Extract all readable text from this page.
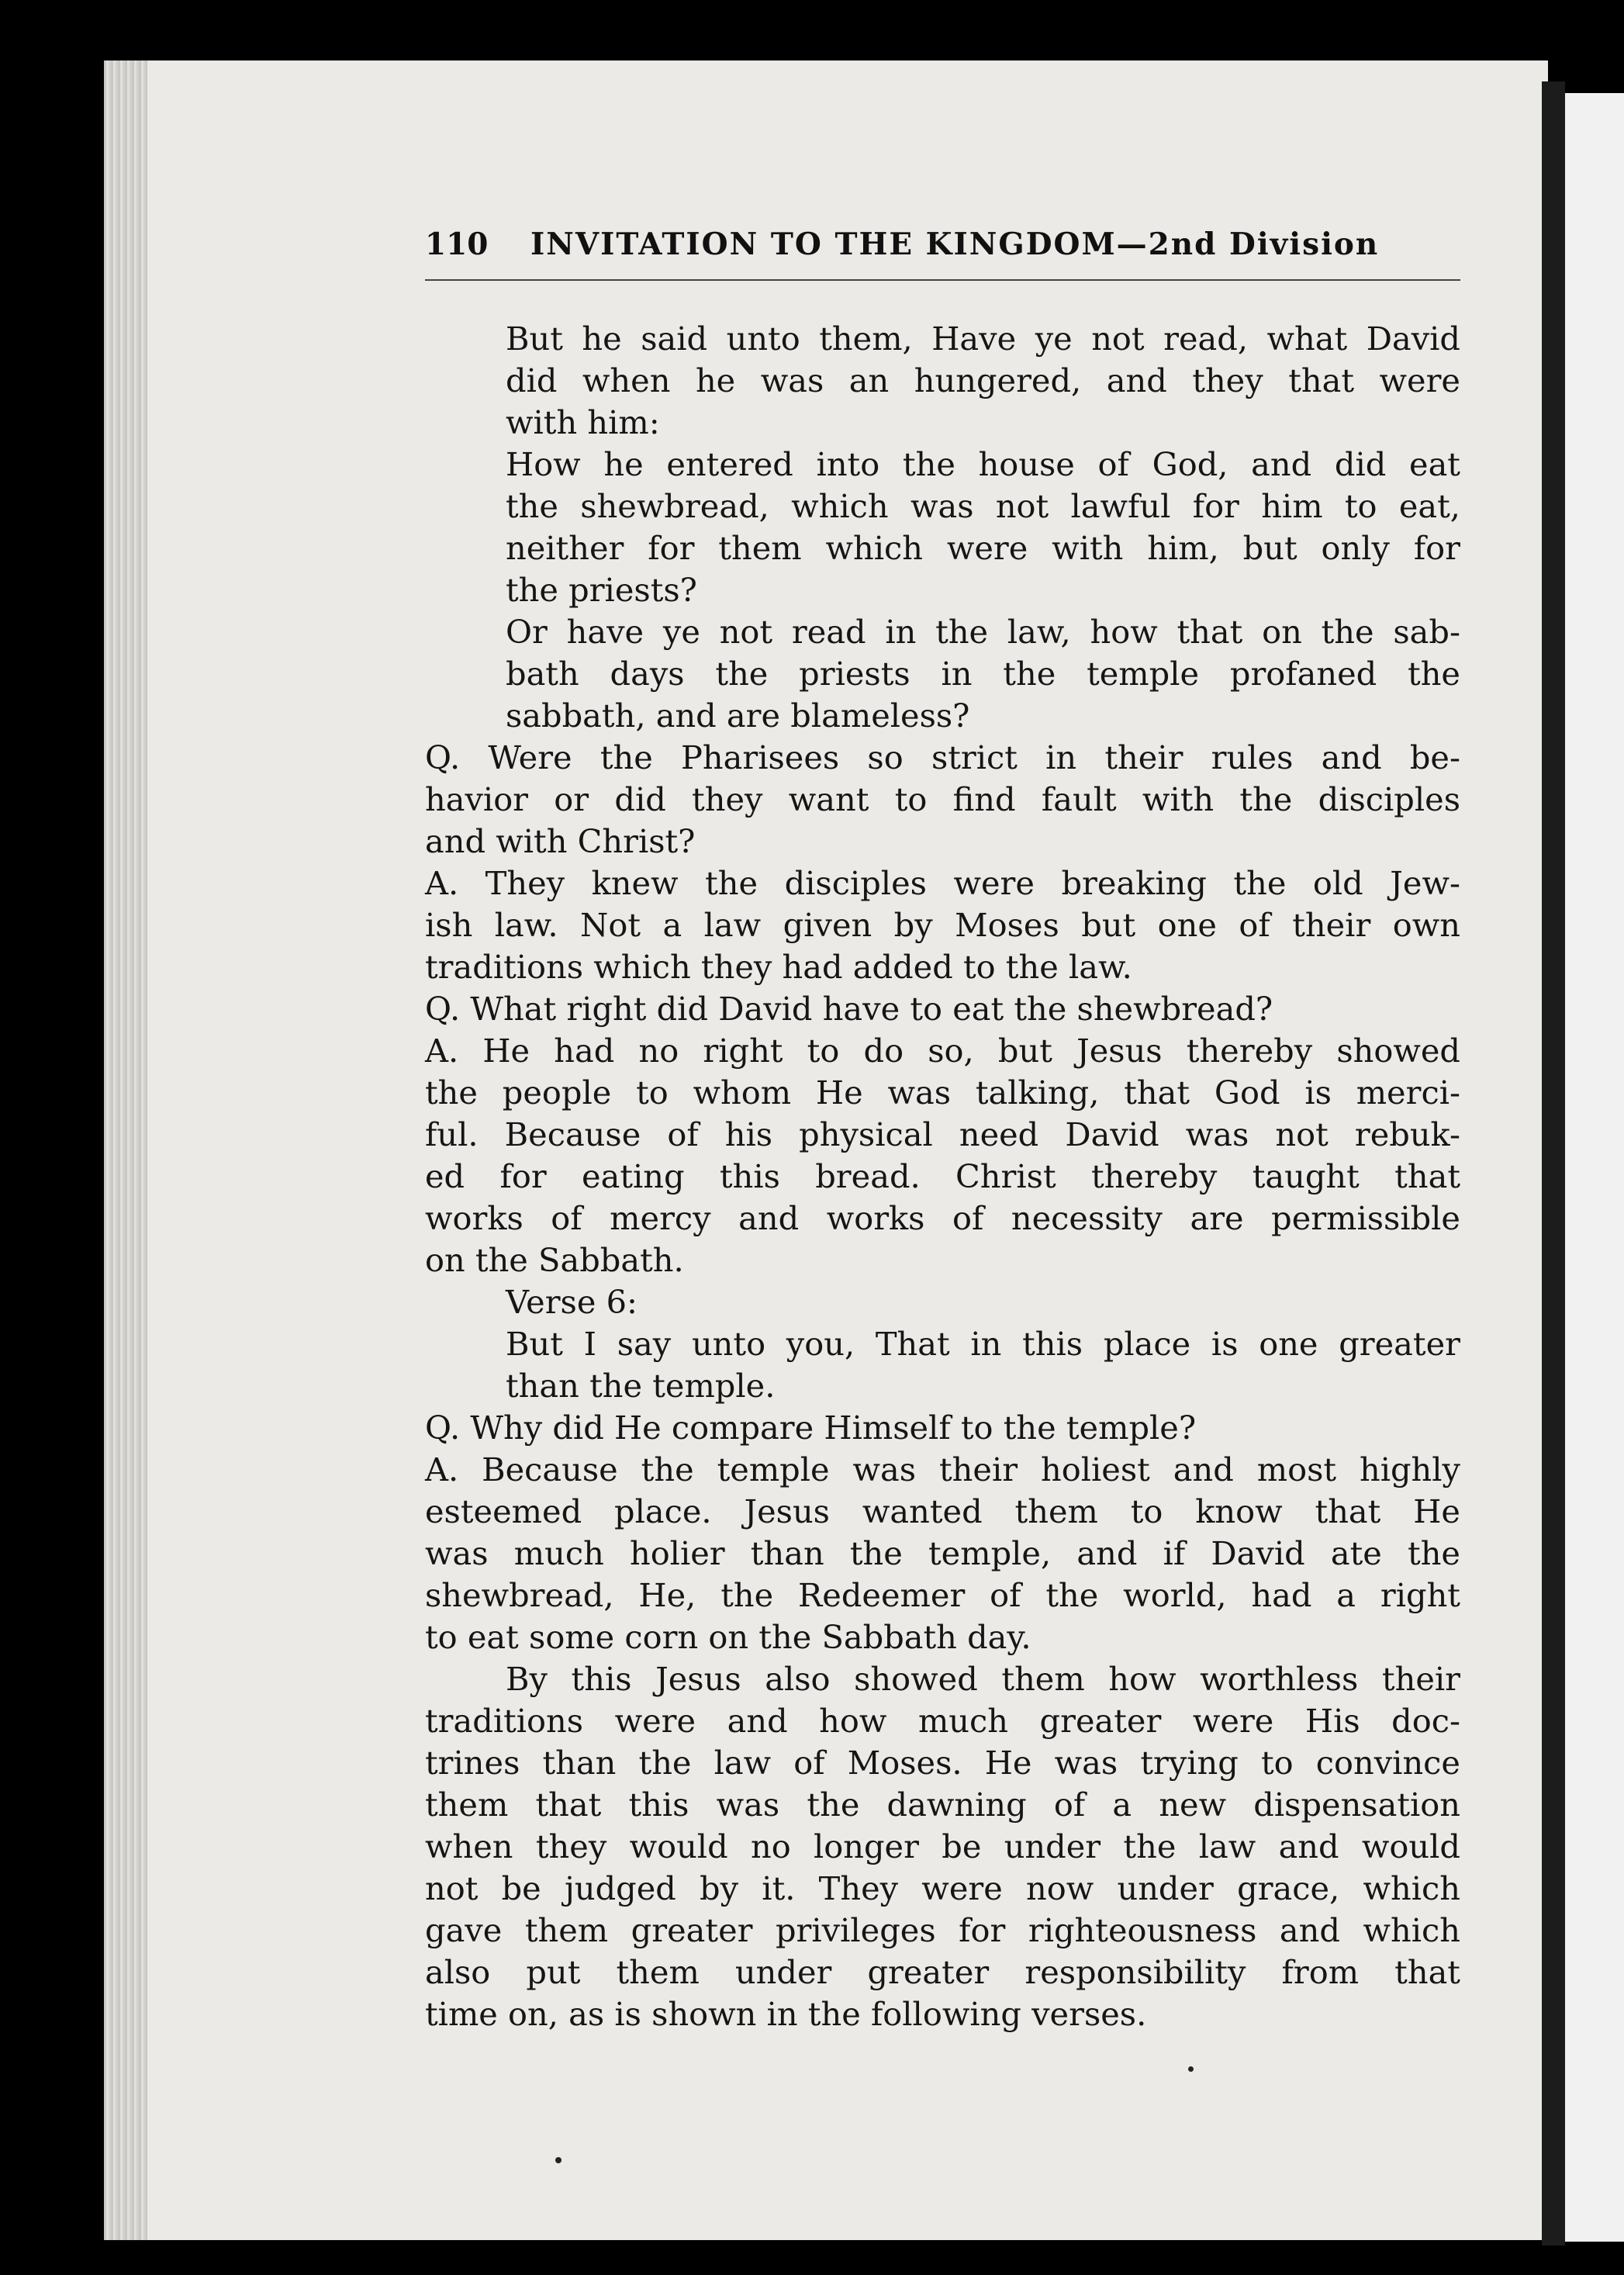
110 INVITATION TO THE KINGDOM—2nd Division
But he said unto them, Have ye not read, what David
did when he was an hungered, and they that were
with him:
How he entered into the house of God, and did eat
the shewbread, which was not lawful for him to eat,
neither for them which were with him, but only for
the priests?
Or have ye not read in the law, how that on the sab-
bath days the priests in the temple profaned the
sabbath, and are blameless?
Q. Were the Pharisees so strict in their rules and be-
havior or did they want to find fault with the disciples
and with Christ?
A. They knew the disciples were breaking the old Jew-
ish law. Not a law given by Moses but one of their own
traditions which they had added to the law.
Q. What right did David have to eat the shewbread?
A. He had no right to do so, but Jesus thereby showed
the people to whom He was talking, that God is merci-
ful. Because of his physical need David was not rebuk-
ed for eating this bread. Christ thereby taught that
works of mercy and works of necessity are permissible
on the Sabbath.
Verse 6:
But I say unto you, That in this place is one greater
than the temple.
Q. Why did He compare Himself to the temple?
A. Because the temple was their holiest and most highly
esteemed place. Jesus wanted them to know that He
was much holier than the temple, and if David ate the
shewbread, He, the Redeemer of the world, had a right
to eat some corn on the Sabbath day.
By this Jesus also showed them how worthless their
traditions were and how much greater were His doc-
trines than the law of Moses. He was trying to convince
them that this was the dawning of a new dispensation
when they would no longer be under the law and would
not be judged by it. They were now under grace, which
gave them greater privileges for righteousness and which
also put them under greater responsibility from that
time on, as is shown in the following verses.
